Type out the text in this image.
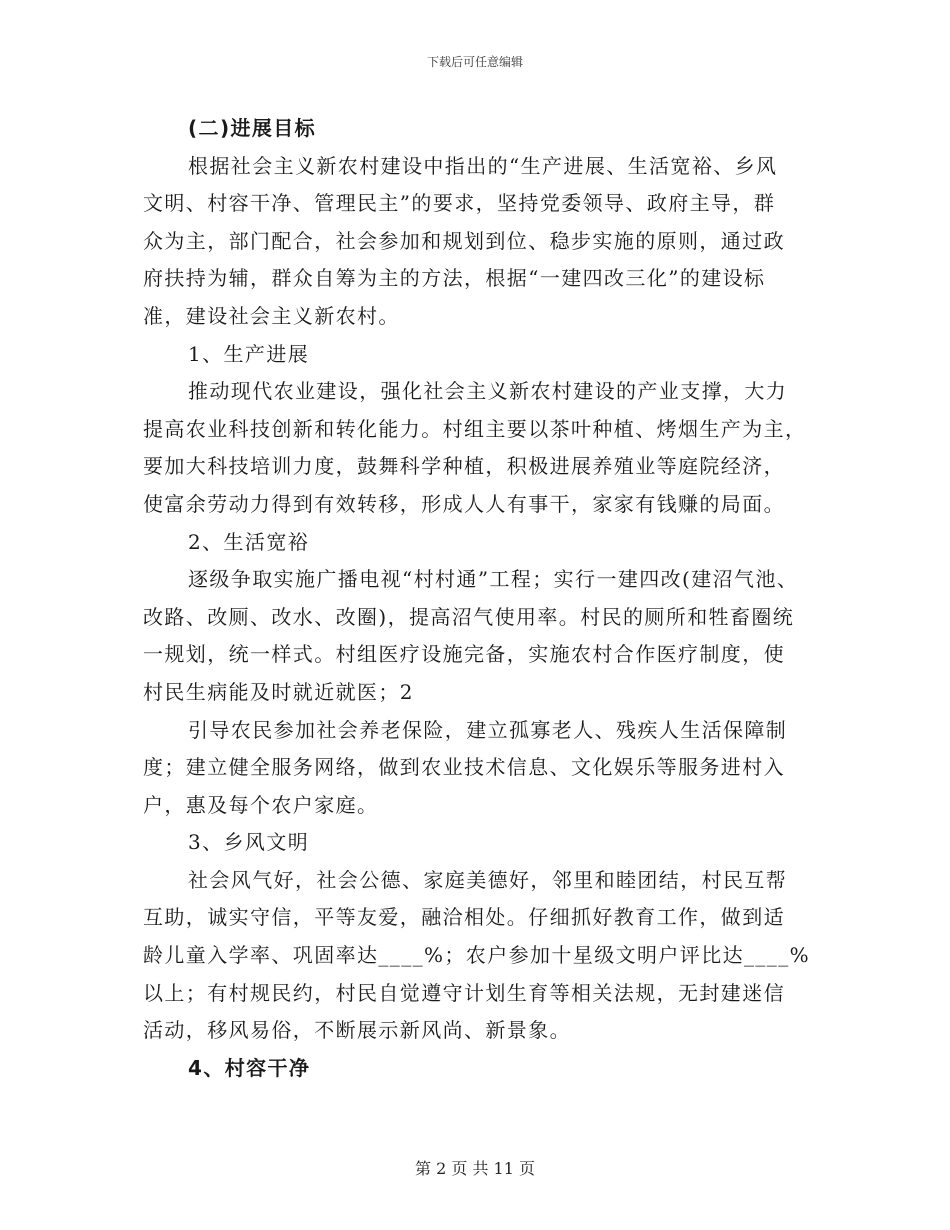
下载后可任意编辑
(二)进展目标
根据社会主义新农村建设中指出的“生产进展、生活宽裕、乡风
文明、村容干净、管理民主”的要求，坚持党委领导、政府主导，群
众为主，部门配合，社会参加和规划到位、稳步实施的原则，通过政
府扶持为辅，群众自筹为主的方法，根据“一建四改三化”的建设标
准，建设社会主义新农村。
1、生产进展
推动现代农业建设，强化社会主义新农村建设的产业支撑，大力
提高农业科技创新和转化能力。村组主要以茶叶种植、烤烟生产为主，
要加大科技培训力度，鼓舞科学种植，积极进展养殖业等庭院经济，
使富余劳动力得到有效转移，形成人人有事干，家家有钱赚的局面。
2、生活宽裕
逐级争取实施广播电视“村村通”工程；实行一建四改(建沼气池、
改路、改厕、改水、改圈)，提高沼气使用率。村民的厕所和牲畜圈统
一规划，统一样式。村组医疗设施完备，实施农村合作医疗制度，使
村民生病能及时就近就医；2
引导农民参加社会养老保险，建立孤寡老人、残疾人生活保障制
度；建立健全服务网络，做到农业技术信息、文化娱乐等服务进村入
户，惠及每个农户家庭。
3、乡风文明
社会风气好，社会公德、家庭美德好，邻里和睦团结，村民互帮
互助，诚实守信，平等友爱，融洽相处。仔细抓好教育工作，做到适
龄儿童入学率、巩固率达____%；农户参加十星级文明户评比达____%
以上；有村规民约，村民自觉遵守计划生育等相关法规，无封建迷信
活动，移风易俗，不断展示新风尚、新景象。
4、村容干净
第 2 页 共 11 页
